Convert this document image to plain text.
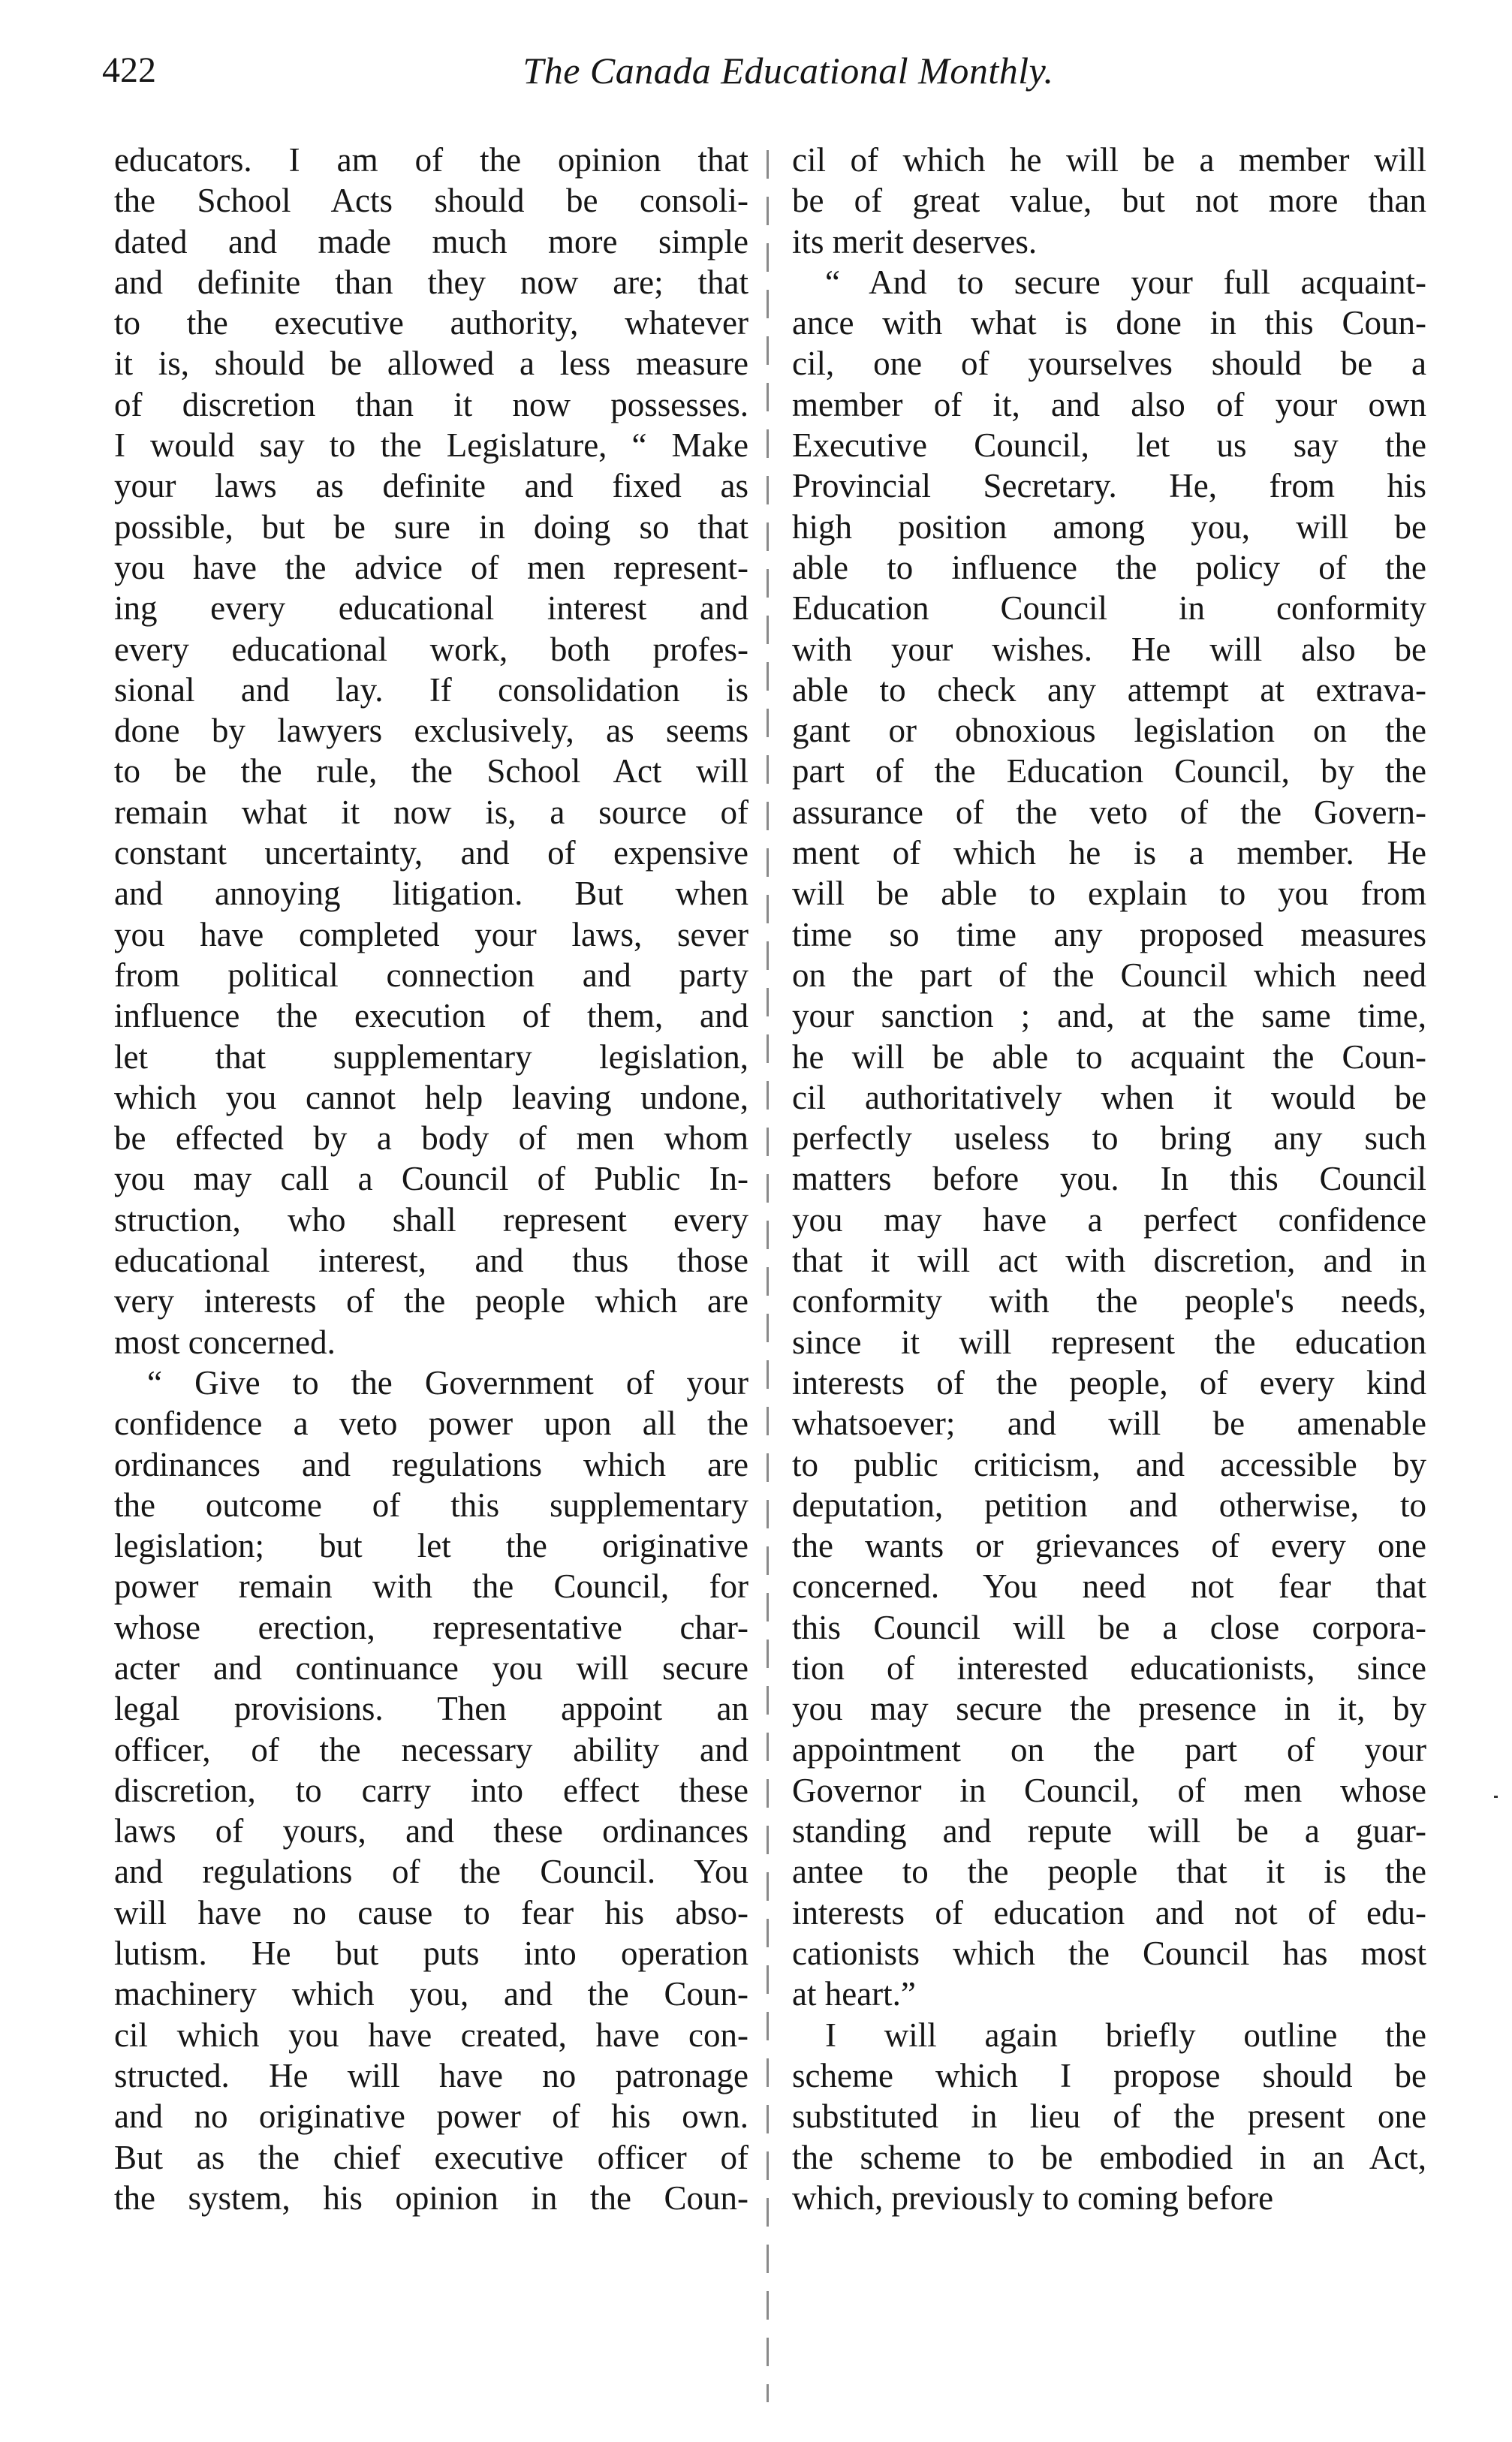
422	The Canada Educational Monthly.
educators. I am of the opinion that
the School Acts should be consoli-
dated and made much more simple
and definite than they now are; that
to the executive authority, whatever
it is, should be allowed a less measure
of discretion than it now possesses.
I would say to the Legislature, “ Make
your laws as definite and fixed as
possible, but be sure in doing so that
you have the advice of men represent-
ing every educational interest and
every educational work, both profes-
sional and lay. If consolidation is
done by lawyers exclusively, as seems
to be the rule, the School Act will
remain what it now is, a source of
constant uncertainty, and of expensive
and annoying litigation. But when
you have completed your laws, sever
from political connection and party
influence the execution of them, and
let that supplementary legislation,
which you cannot help leaving undone,
be effected by a body of men whom
you may call a Council of Public In-
struction, who shall represent every
educational interest, and thus those
very interests of the people which are
most concerned.
“ Give to the Government of your
confidence a veto power upon all the
ordinances and regulations which are
the outcome of this supplementary
legislation; but let the originative
power remain with the Council, for
whose erection, representative char-
acter and continuance you will secure
legal provisions. Then appoint an
officer, of the necessary ability and
discretion, to carry into effect these
laws of yours, and these ordinances
and regulations of the Council. You
will have no cause to fear his abso-
lutism. He but puts into operation
machinery which you, and the Coun-
cil which you have created, have con-
structed. He will have no patronage
and no originative power of his own.
But as the chief executive officer of
the system, his opinion in the Coun-
cil of which he will be a member will
be of great value, but not more than
its merit deserves.
“ And to secure your full acquaint-
ance with what is done in this Coun-
cil, one of yourselves should be a
member of it, and also of your own
Executive Council, let us say the
Provincial Secretary. He, from his
high position among you, will be
able to influence the policy of the
Education Council in conformity
with your wishes. He will also be
able to check any attempt at extrava-
gant or obnoxious legislation on the
part of the Education Council, by the
assurance of the veto of the Govern-
ment of which he is a member. He
will be able to explain to you from
time so time any proposed measures
on the part of the Council which need
your sanction ; and, at the same time,
he will be able to acquaint the Coun-
cil authoritatively when it would be
perfectly useless to bring any such
matters before you. In this Council
you may have a perfect confidence
that it will act with discretion, and in
conformity with the people's needs,
since it will represent the education
interests of the people, of every kind
whatsoever; and will be amenable
to public criticism, and accessible by
deputation, petition and otherwise, to
the wants or grievances of every one
concerned. You need not fear that
this Council will be a close corpora-
tion of interested educationists, since
you may secure the presence in it, by
appointment on the part of your
Governor in Council, of men whose
standing and repute will be a guar-
antee to the people that it is the
interests of education and not of edu-
cationists which the Council has most
at heart.”
I will again briefly outline the
scheme which I propose should be
substituted in lieu of the present one
the scheme to be embodied in an Act,
which, previously to coming before
